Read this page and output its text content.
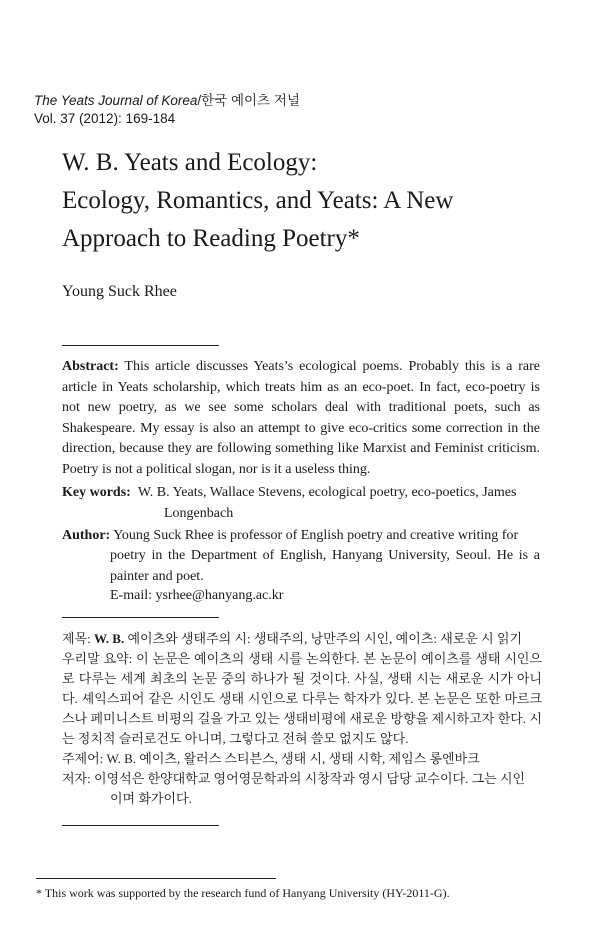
The Yeats Journal of Korea/한국 예이츠 저널
Vol. 37 (2012): 169-184
W. B. Yeats and Ecology:
Ecology, Romantics, and Yeats: A New
Approach to Reading Poetry*
Young Suck Rhee
Abstract: This article discusses Yeats’s ecological poems. Probably this is a rare article in Yeats scholarship, which treats him as an eco-poet. In fact, eco-poetry is not new poetry, as we see some scholars deal with traditional poets, such as Shakespeare. My essay is also an attempt to give eco-critics some correction in the direction, because they are following something like Marxist and Feminist criticism. Poetry is not a political slogan, nor is it a useless thing.
Key words: W. B. Yeats, Wallace Stevens, ecological poetry, eco-poetics, James
Longenbach
Author: Young Suck Rhee is professor of English poetry and creative writing for
poetry in the Department of English, Hanyang University, Seoul. He is a painter and poet.
E-mail: ysrhee@hanyang.ac.kr
제목: W. B. 예이츠와 생태주의 시: 생태주의, 낭만주의 시인, 예이츠: 새로운 시 읽기
우리말 요약: 이 논문은 예이츠의 생태 시를 논의한다. 본 논문이 예이츠를 생태 시인으로 다루는 세계 최초의 논문 중의 하나가 될 것이다. 사실, 생태 시는 새로운 시가 아니다. 셰익스피어 같은 시인도 생태 시인으로 다루는 학자가 있다. 본 논문은 또한 마르크스나 페미니스트 비평의 길을 가고 있는 생태비평에 새로운 방향을 제시하고자 한다. 시는 정치적 슬러로건도 아니며, 그렇다고 전혀 쓸모 없지도 않다.
주제어: W. B. 예이츠, 왈러스 스티븐스, 생태 시, 생태 시학, 제임스 롱엔바크
저자: 이영석은 한양대학교 영어영문학과의 시창작과 영시 담당 교수이다. 그는 시인
이며 화가이다.
* This work was supported by the research fund of Hanyang University (HY-2011-G).
